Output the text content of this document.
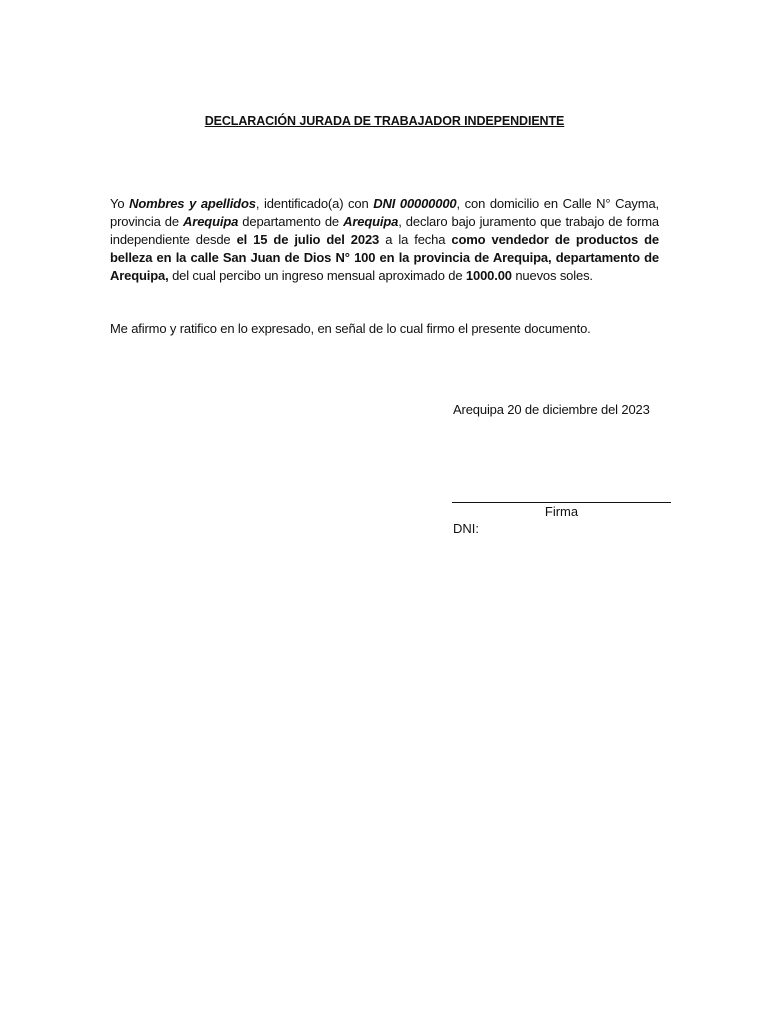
DECLARACIÓN JURADA DE TRABAJADOR INDEPENDIENTE
Yo Nombres y apellidos, identificado(a) con DNI 00000000, con domicilio en Calle N° Cayma, provincia de Arequipa departamento de Arequipa, declaro bajo juramento que trabajo de forma independiente desde el 15 de julio del 2023 a la fecha como vendedor de productos de belleza en la calle San Juan de Dios N° 100 en la provincia de Arequipa, departamento de Arequipa, del cual percibo un ingreso mensual aproximado de 1000.00 nuevos soles.
Me afirmo y ratifico en lo expresado, en señal de lo cual firmo el presente documento.
Arequipa 20 de diciembre del 2023
Firma
DNI:
